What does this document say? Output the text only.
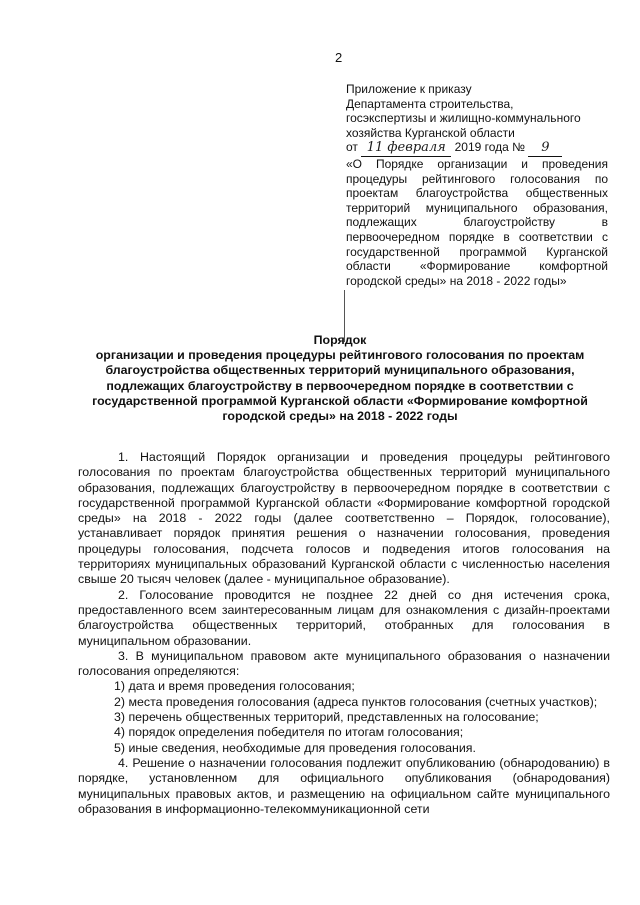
2
Приложение к приказу
Департамента строительства,
госэкспертизы и жилищно-коммунального
хозяйства Курганской области
от 11 февраля 2019 года № 9
«О Порядке организации и проведения процедуры рейтингового голосования по проектам благоустройства общественных территорий муниципального образования, подлежащих благоустройству в первоочередном порядке в соответствии с государственной программой Курганской области «Формирование комфортной городской среды» на 2018 - 2022 годы»
Порядок
организации и проведения процедуры рейтингового голосования по проектам благоустройства общественных территорий муниципального образования, подлежащих благоустройству в первоочередном порядке в соответствии с государственной программой Курганской области «Формирование комфортной городской среды» на 2018 - 2022 годы

1. Настоящий Порядок организации и проведения процедуры рейтингового голосования по проектам благоустройства общественных территорий муниципального образования, подлежащих благоустройству в первоочередном порядке в соответствии с государственной программой Курганской области «Формирование комфортной городской среды» на 2018 - 2022 годы (далее соответственно – Порядок, голосование), устанавливает порядок принятия решения о назначении голосования, проведения процедуры голосования, подсчета голосов и подведения итогов голосования на территориях муниципальных образований Курганской области с численностью населения свыше 20 тысяч человек (далее - муниципальное образование).

2. Голосование проводится не позднее 22 дней со дня истечения срока, предоставленного всем заинтересованным лицам для ознакомления с дизайн-проектами благоустройства общественных территорий, отобранных для голосования в муниципальном образовании.

3. В муниципальном правовом акте муниципального образования о назначении голосования определяются:

1) дата и время проведения голосования;

2) места проведения голосования (адреса пунктов голосования (счетных участков);

3) перечень общественных территорий, представленных на голосование;

4) порядок определения победителя по итогам голосования;

5) иные сведения, необходимые для проведения голосования.

4. Решение о назначении голосования подлежит опубликованию (обнародованию) в порядке, установленном для официального опубликования (обнародования) муниципальных правовых актов, и размещению на официальном сайте муниципального образования в информационно-телекоммуникационной сети
